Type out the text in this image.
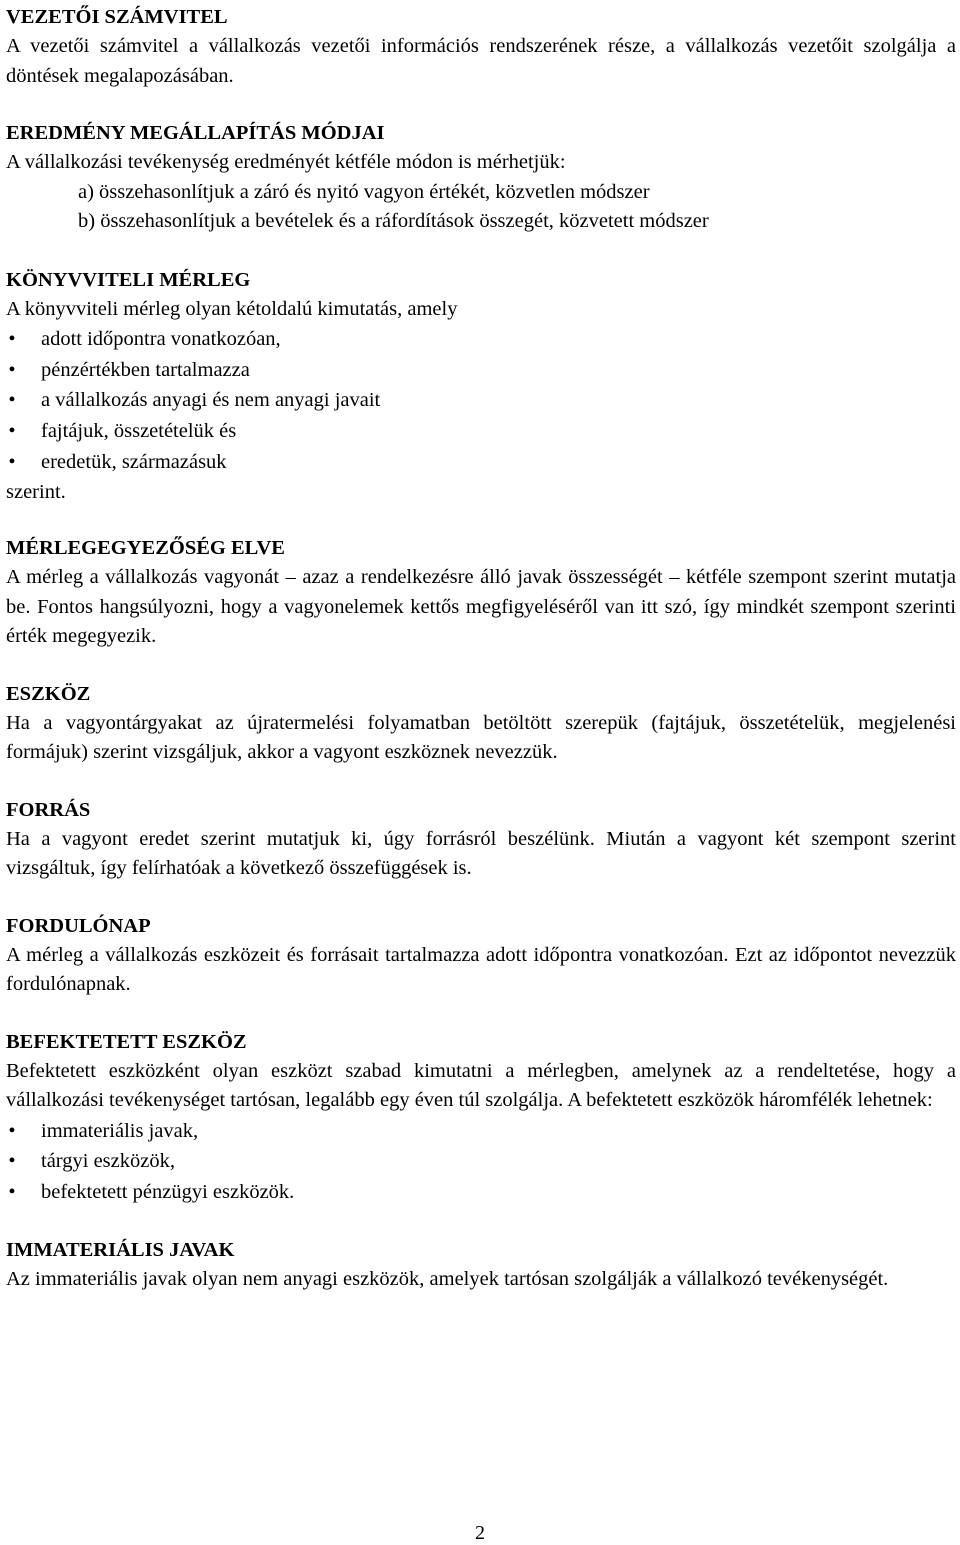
VEZETŐI SZÁMVITEL

A vezetői számvitel a vállalkozás vezetői információs rendszerének része, a vállalkozás vezetőit szolgálja a döntések megalapozásában.

EREDMÉNY MEGÁLLAPÍTÁS MÓDJAI

A vállalkozási tevékenység eredményét kétféle módon is mérhetjük:

a) összehasonlítjuk a záró és nyitó vagyon értékét, közvetlen módszer

b) összehasonlítjuk a bevételek és a ráfordítások összegét, közvetett módszer

KÖNYVVITELI MÉRLEG

A könyvviteli mérleg olyan kétoldalú kimutatás, amely

• adott időpontra vonatkozóan,
• pénzértékben tartalmazza
• a vállalkozás anyagi és nem anyagi javait
• fajtájuk, összetételük és
• eredetük, származásuk

szerint.

MÉRLEGEGYEZŐSÉG ELVE

A mérleg a vállalkozás vagyonát – azaz a rendelkezésre álló javak összességét – kétféle szempont szerint mutatja be. Fontos hangsúlyozni, hogy a vagyonelemek kettős megfigyeléséről van itt szó, így mindkét szempont szerinti érték megegyezik.

ESZKÖZ

Ha a vagyontárgyakat az újratermelési folyamatban betöltött szerepük (fajtájuk, összetételük, megjelenési formájuk) szerint vizsgáljuk, akkor a vagyont eszköznek nevezzük.

FORRÁS

Ha a vagyont eredet szerint mutatjuk ki, úgy forrásról beszélünk. Miután a vagyont két szempont szerint vizsgáltuk, így felírhatóak a következő összefüggések is.

FORDULÓNAP

A mérleg a vállalkozás eszközeit és forrásait tartalmazza adott időpontra vonatkozóan. Ezt az időpontot nevezzük fordulónapnak.

BEFEKTETETT ESZKÖZ

Befektetett eszközként olyan eszközt szabad kimutatni a mérlegben, amelynek az a rendeltetése, hogy a vállalkozási tevékenységet tartósan, legalább egy éven túl szolgálja. A befektetett eszközök háromfélék lehetnek:

• immateriális javak,
• tárgyi eszközök,
• befektetett pénzügyi eszközök.

IMMATERIÁLIS JAVAK

Az immateriális javak olyan nem anyagi eszközök, amelyek tartósan szolgálják a vállalkozó tevékenységét.

2
